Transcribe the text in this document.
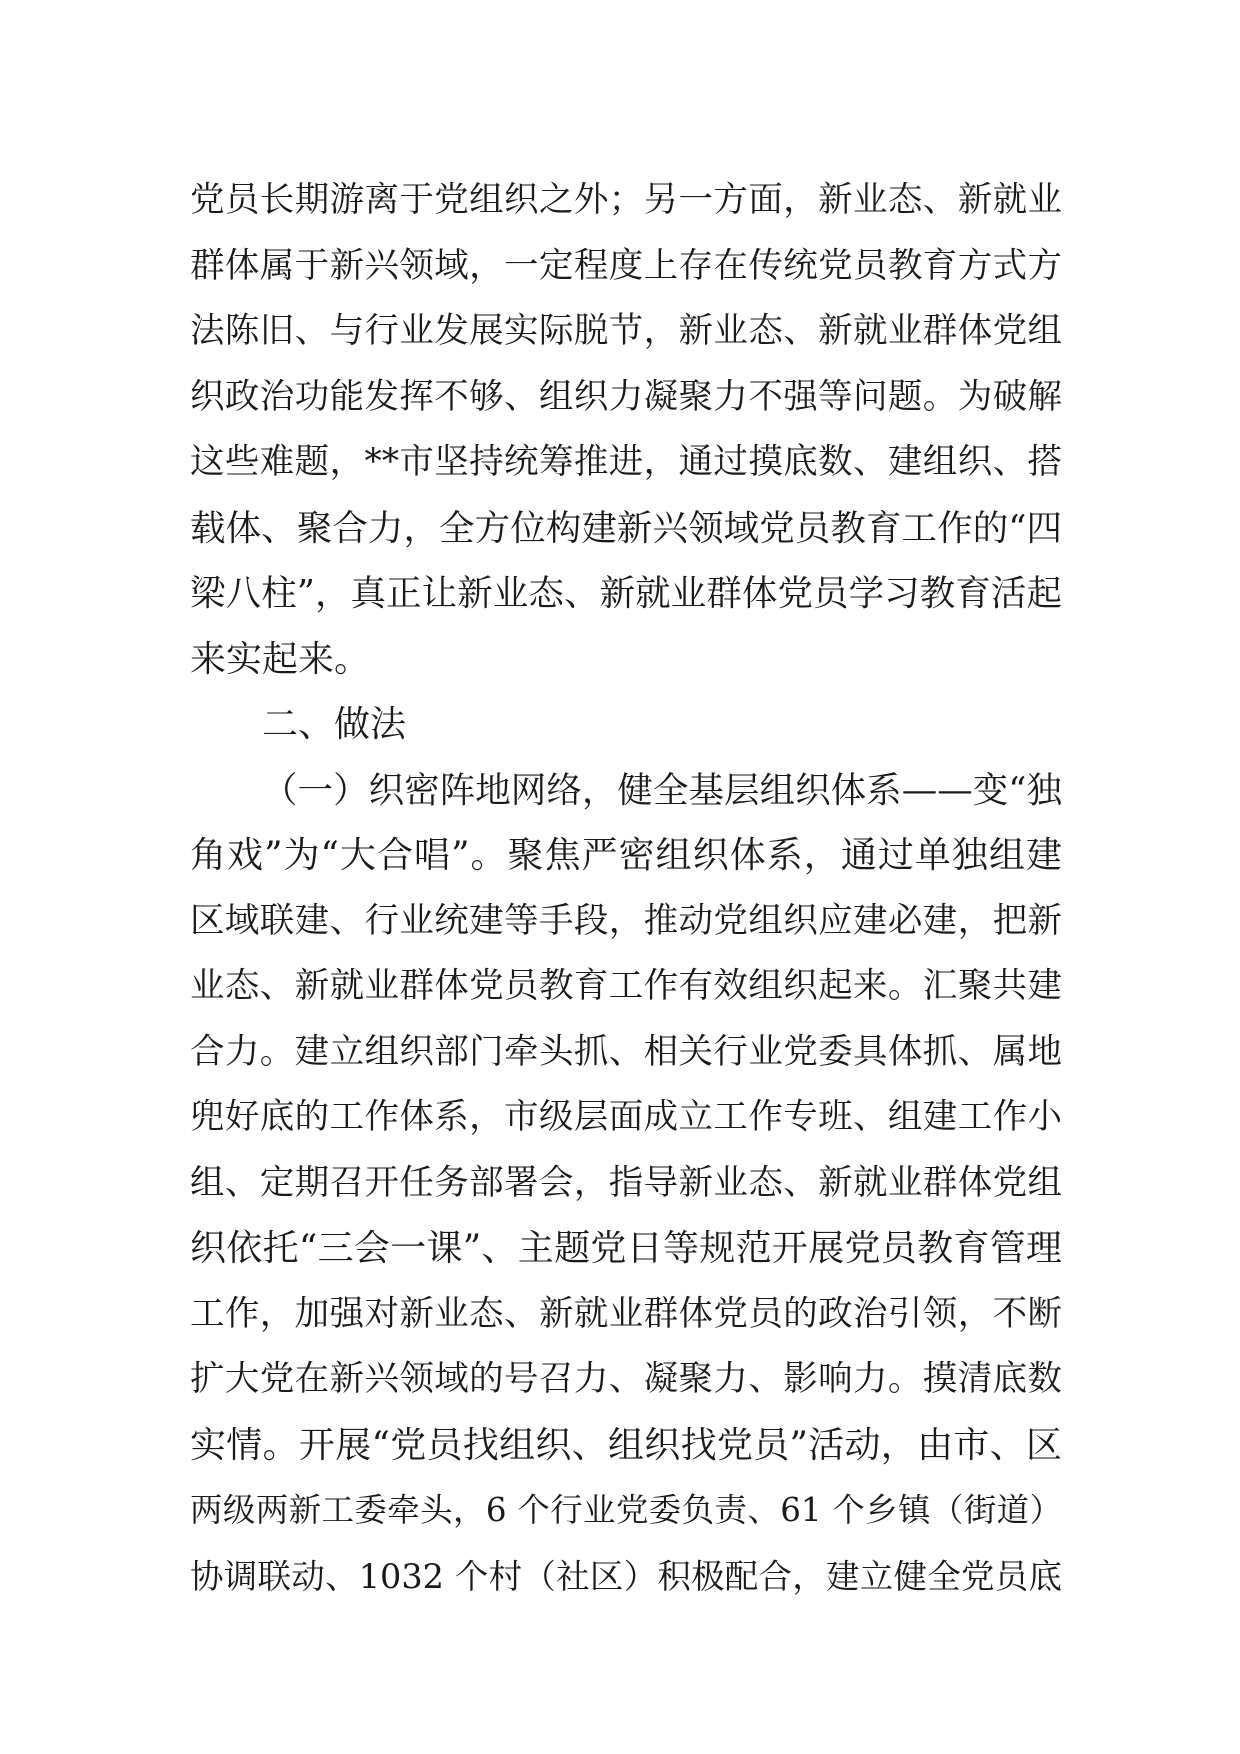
党员长期游离于党组织之外；另一方面，新业态、新就业
群体属于新兴领域，一定程度上存在传统党员教育方式方
法陈旧、与行业发展实际脱节，新业态、新就业群体党组
织政治功能发挥不够、组织力凝聚力不强等问题。为破解
这些难题，**市坚持统筹推进，通过摸底数、建组织、搭
载体、聚合力，全方位构建新兴领域党员教育工作的“四
梁八柱”，真正让新业态、新就业群体党员学习教育活起
来实起来。
二、做法
（一）织密阵地网络，健全基层组织体系——变“独
角戏”为“大合唱”。聚焦严密组织体系，通过单独组建
区域联建、行业统建等手段，推动党组织应建必建，把新
业态、新就业群体党员教育工作有效组织起来。汇聚共建
合力。建立组织部门牵头抓、相关行业党委具体抓、属地
兜好底的工作体系，市级层面成立工作专班、组建工作小
组、定期召开任务部署会，指导新业态、新就业群体党组
织依托“三会一课”、主题党日等规范开展党员教育管理
工作，加强对新业态、新就业群体党员的政治引领，不断
扩大党在新兴领域的号召力、凝聚力、影响力。摸清底数
实情。开展“党员找组织、组织找党员”活动，由市、区
两级两新工委牵头，6 个行业党委负责、61 个乡镇（街道）
协调联动、1032 个村（社区）积极配合，建立健全党员底
